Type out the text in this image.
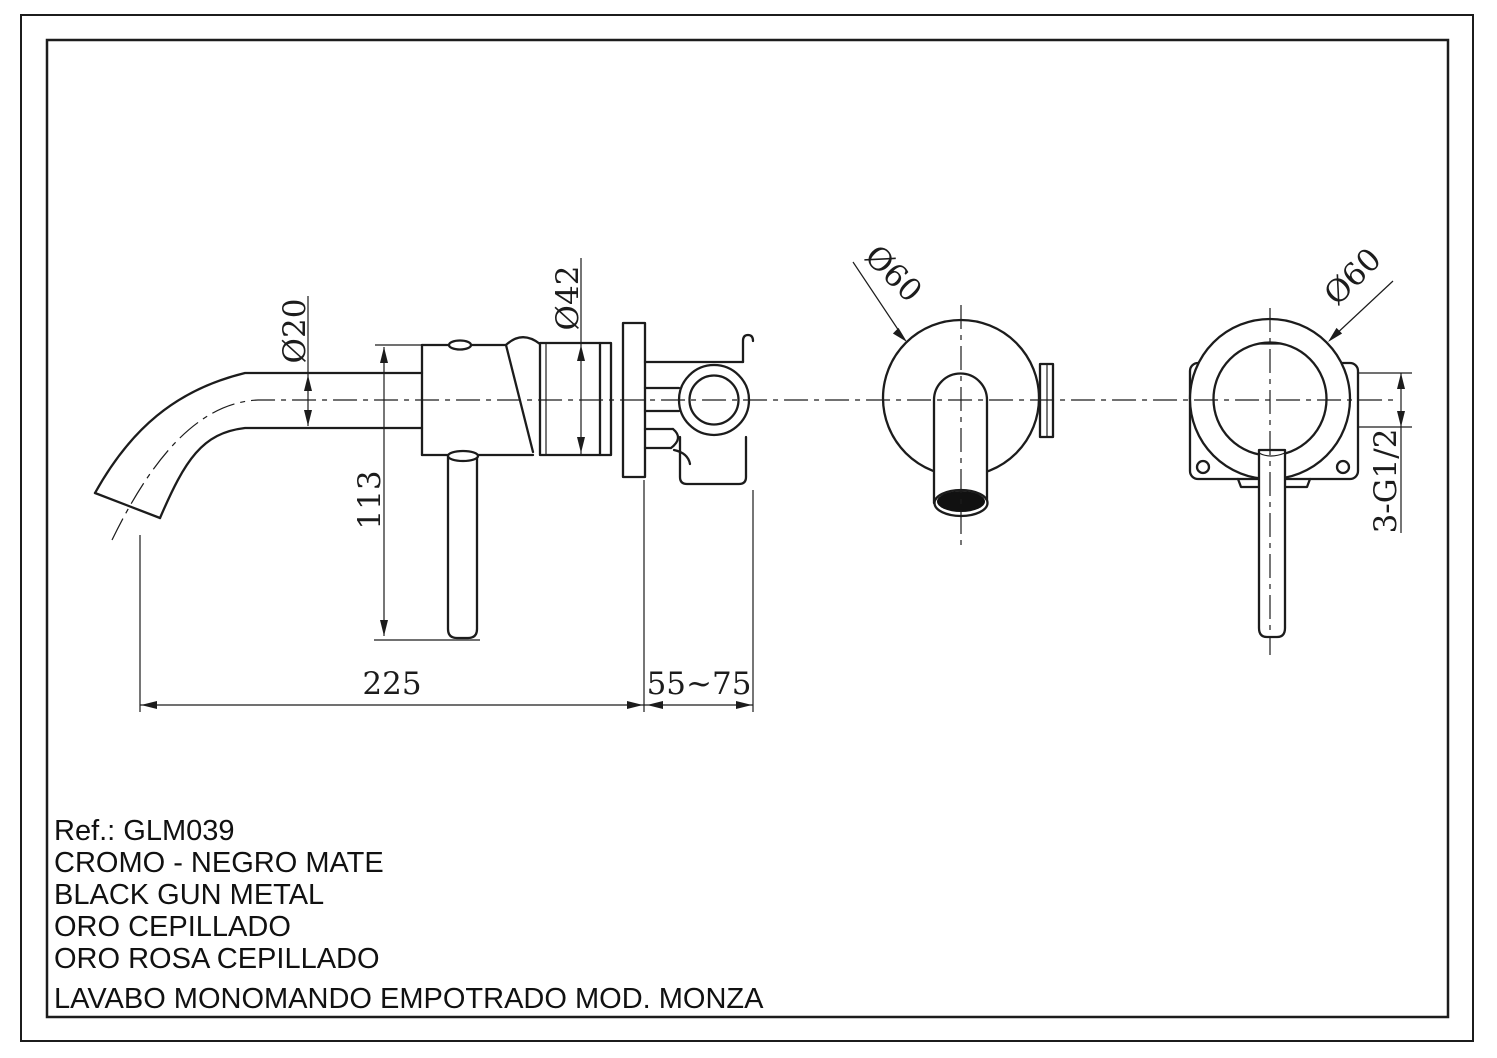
Ø20
Ø42
113
225	55~75
Ø60	Ø60
3-G1/2
Ref.: GLM039
CROMO - NEGRO MATE
BLACK GUN METAL
ORO CEPILLADO
ORO ROSA CEPILLADO
LAVABO MONOMANDO EMPOTRADO MOD. MONZA
